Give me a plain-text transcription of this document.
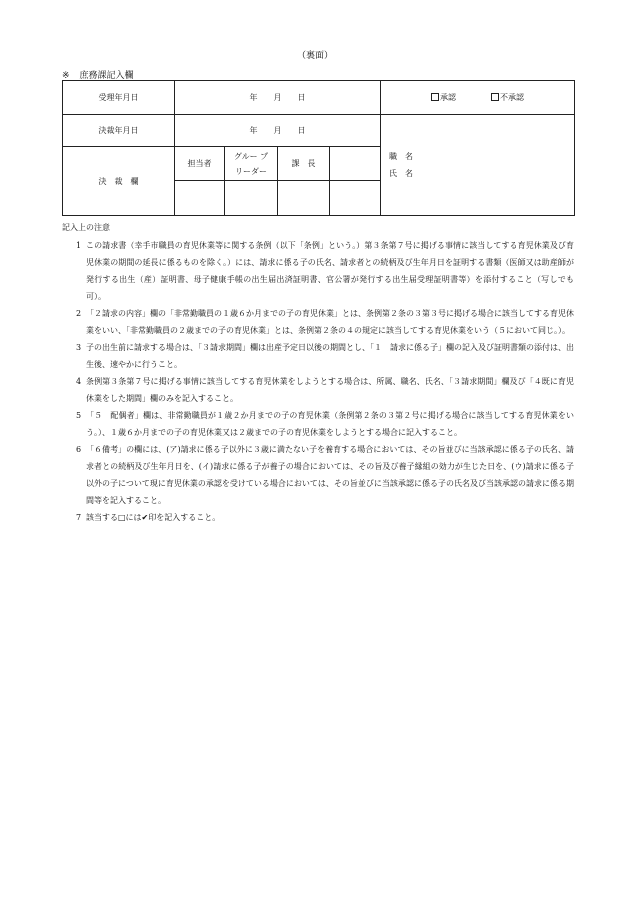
（裏面）
※ 庶務課記入欄
受理年月日	年　　月　　日				承認 不承認
決裁年月日	年　　月　　日				職　名
氏　名

決　裁　欄	担当者	グルー プ
リーダー	課　長		

記入上の注意
1 この請求書（幸手市職員の育児休業等に関する条例（以下「条例」という。）第３条第７号に掲げる事情に該当してする育児休業及び育児休業の期間の延長に係るものを除く。）には、請求に係る子の氏名、請求者との続柄及び生年月日を証明する書類（医師又は助産師が発行する出生（産）証明書、母子健康手帳の出生届出済証明書、官公署が発行する出生届受理証明書等）を添付すること（写しでも可）。
2 「２請求の内容」欄の「非常勤職員の１歳６か月までの子の育児休業」とは、条例第２条の３第３号に掲げる場合に該当してする育児休業をいい、「非常勤職員の２歳までの子の育児休業」とは、条例第２条の４の規定に該当してする育児休業をいう（５において同じ。）。
3 子の出生前に請求する場合は、「３請求期間」欄は出産予定日以後の期間とし、「１　請求に係る子」欄の記入及び証明書類の添付は、出生後、速やかに行うこと。
4 条例第３条第７号に掲げる事情に該当してする育児休業をしようとする場合は、所属、職名、氏名、「３請求期間」欄及び「４既に育児休業をした期間」欄のみを記入すること。
5 「５　配偶者」欄は、非常勤職員が１歳２か月までの子の育児休業（条例第２条の３第２号に掲げる場合に該当してする育児休業をいう。）、１歳６か月までの子の育児休業又は２歳までの子の育児休業をしようとする場合に記入すること。
6 「６備考」の欄には、(ア)請求に係る子以外に３歳に満たない子を養育する場合においては、その旨並びに当該承認に係る子の氏名、請求者との続柄及び生年月日を、(イ)請求に係る子が養子の場合においては、その旨及び養子縁組の効力が生じた日を、(ウ)請求に係る子以外の子について現に育児休業の承認を受けている場合においては、その旨並びに当該承認に係る子の氏名及び当該承認の請求に係る期間等を記入すること。
7 該当する□には✔印を記入すること。
